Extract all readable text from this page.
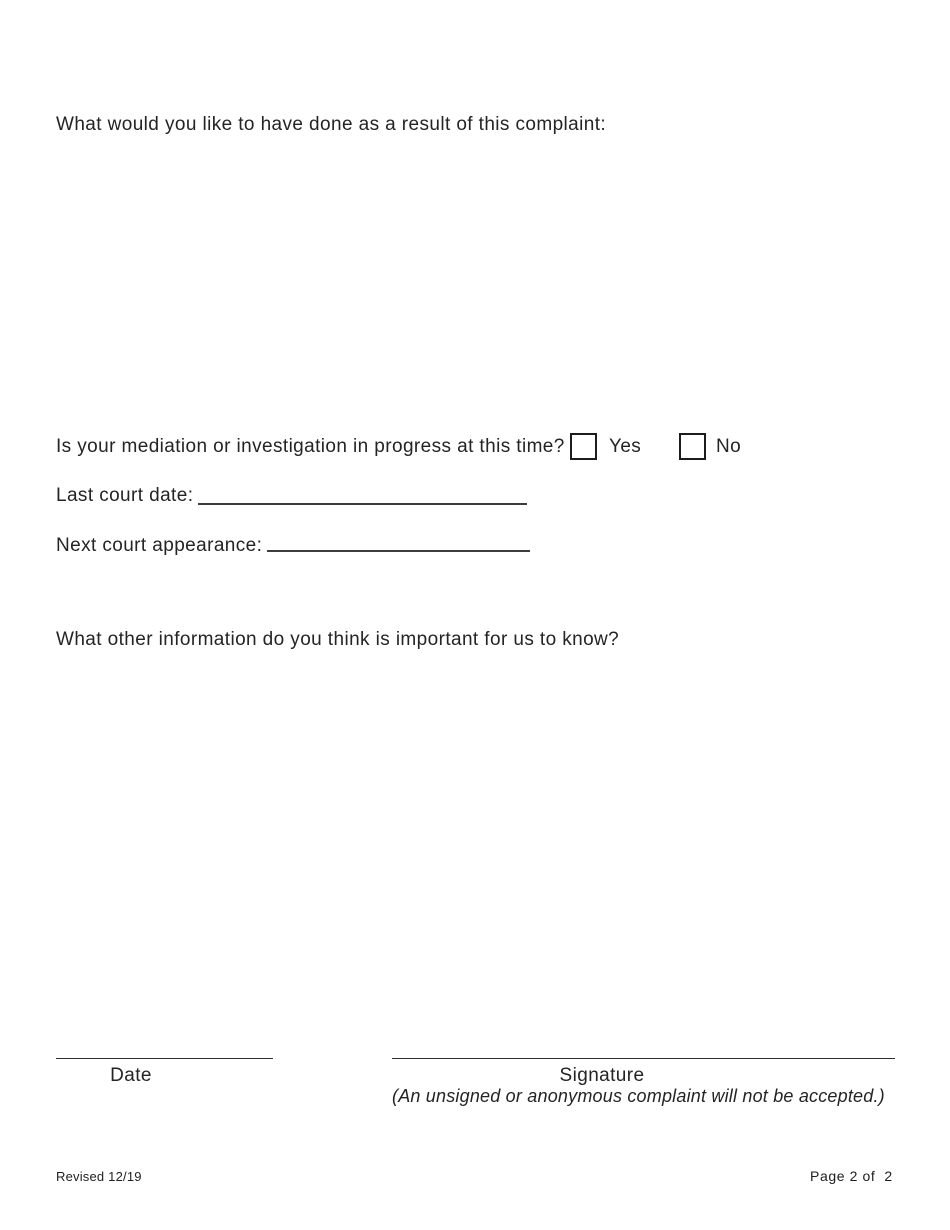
What would you like to have done as a result of this complaint:
Is your mediation or investigation in progress at this time? Yes	No
Last court date:
Next court appearance:
What other information do you think is important for us to know?
Date	Signature
(An unsigned or anonymous complaint will not be accepted.)
Revised 12/19	Page 2 of  2
